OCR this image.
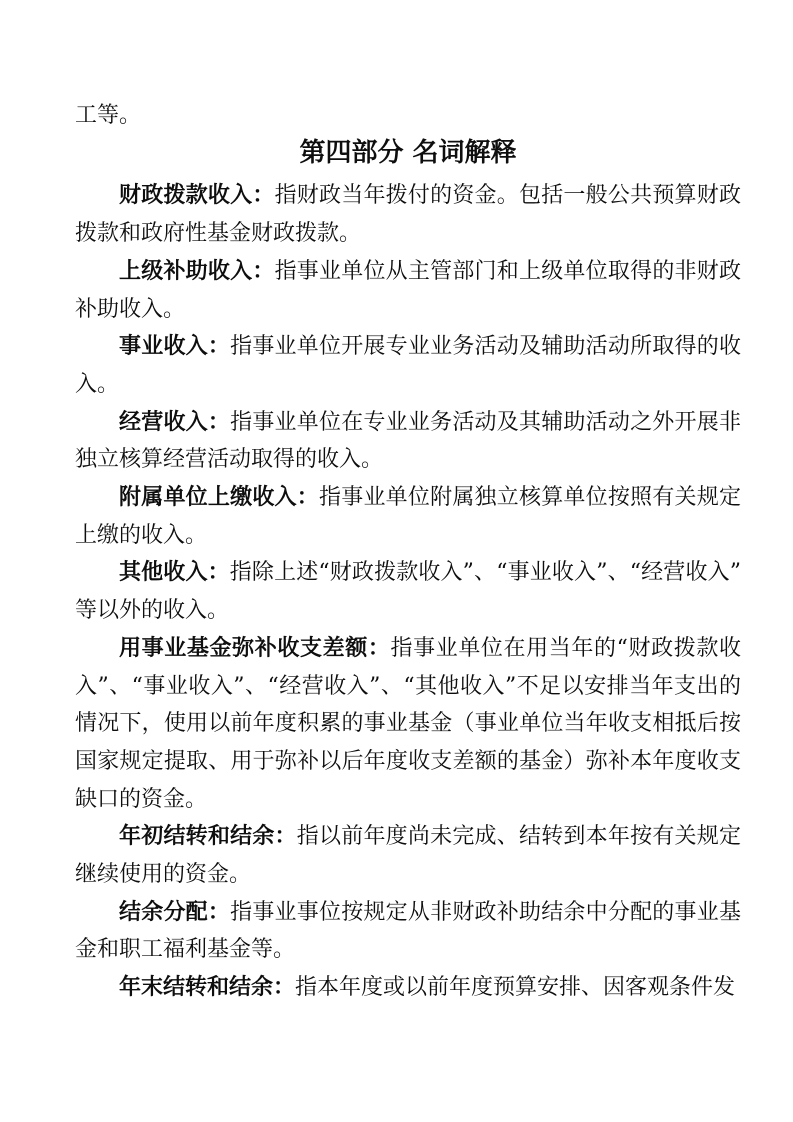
工等。

第四部分 名词解释

财政拨款收入：指财政当年拨付的资金。包括一般公共预算财政拨款和政府性基金财政拨款。

上级补助收入：指事业单位从主管部门和上级单位取得的非财政补助收入。

事业收入：指事业单位开展专业业务活动及辅助活动所取得的收入。

经营收入：指事业单位在专业业务活动及其辅助活动之外开展非独立核算经营活动取得的收入。

附属单位上缴收入：指事业单位附属独立核算单位按照有关规定上缴的收入。

其他收入：指除上述“财政拨款收入”、“事业收入”、“经营收入”等以外的收入。

用事业基金弥补收支差额：指事业单位在用当年的“财政拨款收入”、“事业收入”、“经营收入”、“其他收入”不足以安排当年支出的情况下，使用以前年度积累的事业基金（事业单位当年收支相抵后按国家规定提取、用于弥补以后年度收支差额的基金）弥补本年度收支缺口的资金。

年初结转和结余：指以前年度尚未完成、结转到本年按有关规定继续使用的资金。

结余分配：指事业事位按规定从非财政补助结余中分配的事业基金和职工福利基金等。

年末结转和结余：指本年度或以前年度预算安排、因客观条件发
